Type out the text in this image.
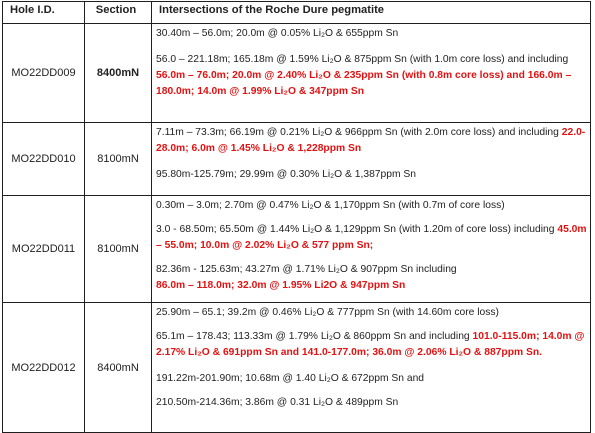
Hole I.D.	Section	Intersections of the Roche Dure pegmatite
MO22DD009	8400mN	30.40m – 56.0m; 20.0m @ 0.05% Li₂O & 655ppm Sn
56.0 – 221.18m; 165.18m @ 1.59% Li₂O & 875ppm Sn (with 1.0m core loss) and including 56.0m – 76.0m; 20.0m @ 2.40% Li₂O & 235ppm Sn (with 0.8m core loss) and 166.0m – 180.0m; 14.0m @ 1.99% Li₂O & 347ppm Sn

MO22DD010	8100mN	7.11m – 73.3m; 66.19m @ 0.21% Li₂O & 966ppm Sn (with 2.0m core loss) and including 22.0-28.0m; 6.0m @ 1.45% Li₂O & 1,228ppm Sn
95.80m-125.79m; 29.99m @ 0.30% Li₂O & 1,387ppm Sn

MO22DD011	8100mN	0.30m – 3.0m; 2.70m @ 0.47% Li₂O & 1,170ppm Sn (with 0.7m of core loss)
3.0 - 68.50m; 65.50m @ 1.44% Li₂O & 1,129ppm Sn (with 1.20m of core loss) including 45.0m – 55.0m; 10.0m @ 2.02% Li₂O & 577 ppm Sn;
82.36m - 125.63m; 43.27m @ 1.71% Li₂O & 907ppm Sn including
86.0m – 118.0m; 32.0m @ 1.95% Li2O & 947ppm Sn

MO22DD012	8400mN	25.90m – 65.1; 39.2m @ 0.46% Li₂O & 777ppm Sn (with 14.60m core loss)
65.1m – 178.43; 113.33m @ 1.79% Li₂O & 860ppm Sn and including 101.0-115.0m; 14.0m @ 2.17% Li₂O & 691ppm Sn and 141.0-177.0m; 36.0m @ 2.06% Li₂O & 887ppm Sn.
191.22m-201.90m; 10.68m @ 1.40 Li₂O & 672ppm Sn and
210.50m-214.36m; 3.86m @ 0.31 Li₂O & 489ppm Sn
